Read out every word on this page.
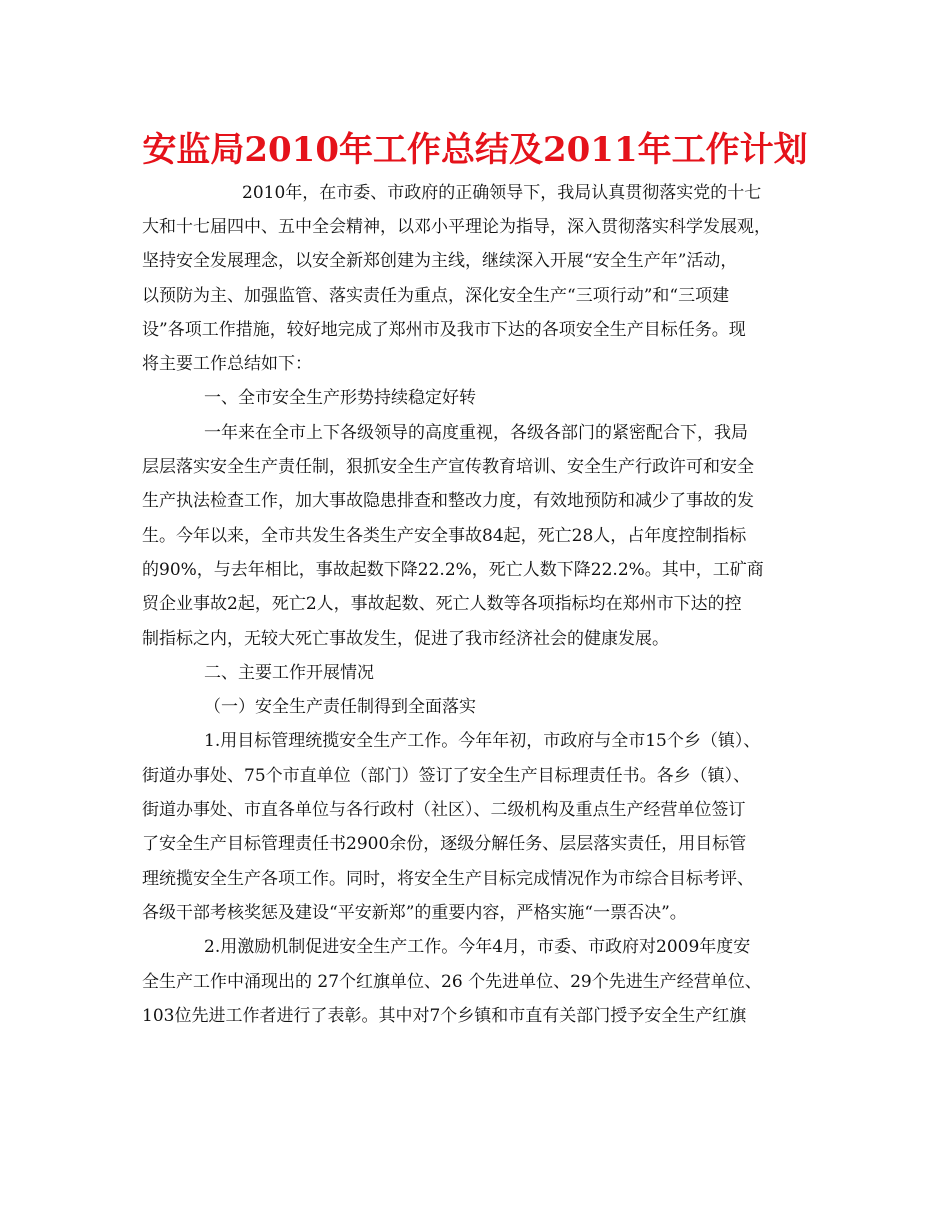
安监局2010年工作总结及2011年工作计划
2010年，在市委、市政府的正确领导下，我局认真贯彻落实党的十七
大和十七届四中、五中全会精神，以邓小平理论为指导，深入贯彻落实科学发展观，
坚持安全发展理念，以安全新郑创建为主线，继续深入开展“安全生产年”活动，
以预防为主、加强监管、落实责任为重点，深化安全生产“三项行动”和“三项建
设”各项工作措施，较好地完成了郑州市及我市下达的各项安全生产目标任务。现
将主要工作总结如下：
一、全市安全生产形势持续稳定好转
一年来在全市上下各级领导的高度重视，各级各部门的紧密配合下，我局
层层落实安全生产责任制，狠抓安全生产宣传教育培训、安全生产行政许可和安全
生产执法检查工作，加大事故隐患排查和整改力度，有效地预防和减少了事故的发
生。今年以来，全市共发生各类生产安全事故84起，死亡28人，占年度控制指标
的90%，与去年相比，事故起数下降22.2%，死亡人数下降22.2%。其中，工矿商
贸企业事故2起，死亡2人，事故起数、死亡人数等各项指标均在郑州市下达的控
制指标之内，无较大死亡事故发生，促进了我市经济社会的健康发展。
二、主要工作开展情况
（一）安全生产责任制得到全面落实
1.用目标管理统揽安全生产工作。今年年初，市政府与全市15个乡（镇）、
街道办事处、75个市直单位（部门）签订了安全生产目标理责任书。各乡（镇）、
街道办事处、市直各单位与各行政村（社区）、二级机构及重点生产经营单位签订
了安全生产目标管理责任书2900余份，逐级分解任务、层层落实责任，用目标管
理统揽安全生产各项工作。同时，将安全生产目标完成情况作为市综合目标考评、
各级干部考核奖惩及建设“平安新郑”的重要内容，严格实施“一票否决”。
2.用激励机制促进安全生产工作。今年4月，市委、市政府对2009年度安
全生产工作中涌现出的 27个红旗单位、26 个先进单位、29个先进生产经营单位、
103位先进工作者进行了表彰。其中对7个乡镇和市直有关部门授予安全生产红旗
